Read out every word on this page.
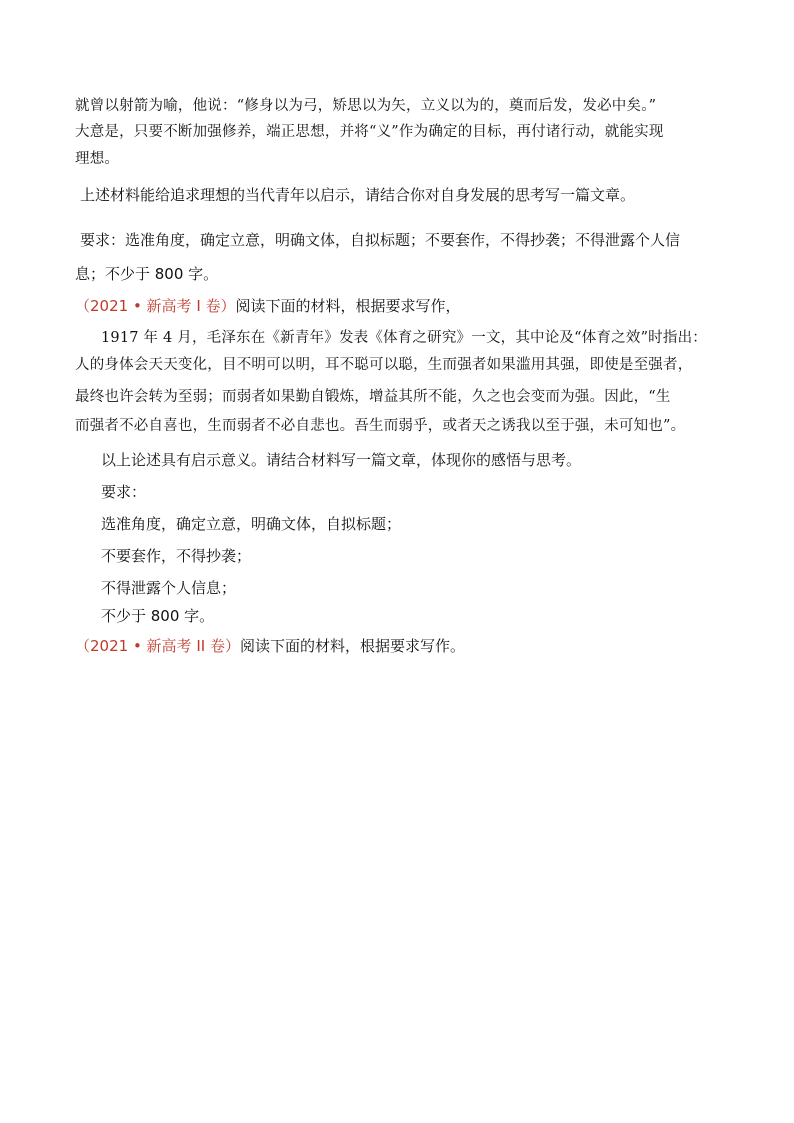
就曾以射箭为喻，他说：“修身以为弓，矫思以为矢，立义以为的，奠而后发，发必中矣。”
大意是，只要不断加强修养，端正思想，并将“义”作为确定的目标，再付诸行动，就能实现
理想。
上述材料能给追求理想的当代青年以启示，请结合你对自身发展的思考写一篇文章。
要求：选准角度，确定立意，明确文体，自拟标题；不要套作，不得抄袭；不得泄露个人信
息；不少于 800 字。
（2021 • 新高考 I 卷）阅读下面的材料，根据要求写作，
1917 年 4 月，毛泽东在《新青年》发表《体育之研究》一文，其中论及“体育之效”时指出：
人的身体会天天变化，目不明可以明，耳不聪可以聪，生而强者如果滥用其强，即使是至强者，
最终也许会转为至弱；而弱者如果勤自锻炼，增益其所不能，久之也会变而为强。因此，“生
而强者不必自喜也，生而弱者不必自悲也。吾生而弱乎，或者天之诱我以至于强，未可知也”。
以上论述具有启示意义。请结合材料写一篇文章，体现你的感悟与思考。
要求：
选准角度，确定立意，明确文体，自拟标题；
不要套作，不得抄袭；
不得泄露个人信息；
不少于 800 字。
（2021 • 新高考 II 卷）阅读下面的材料，根据要求写作。
